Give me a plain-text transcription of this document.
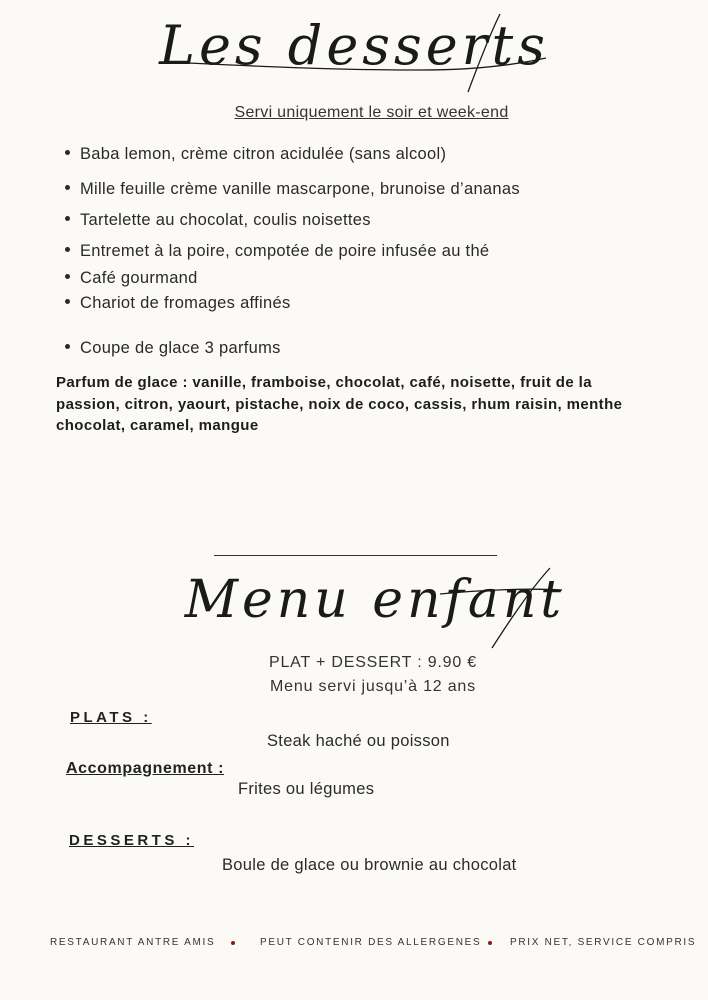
Les desserts
Servi uniquement le soir et week-end
Baba lemon, crème citron acidulée (sans alcool)
Mille feuille crème vanille mascarpone, brunoise d’ananas
Tartelette au chocolat, coulis noisettes
Entremet à la poire, compotée de poire infusée au thé
Café gourmand
Chariot de fromages affinés
Coupe de glace 3 parfums
Parfum de glace : vanille, framboise, chocolat, café, noisette, fruit de la passion, citron, yaourt, pistache, noix de coco, cassis, rhum raisin, menthe chocolat, caramel, mangue
Menu enfant
PLAT + DESSERT : 9.90 €
Menu servi jusqu’à 12 ans
PLATS :
Steak haché ou poisson
Accompagnement :
Frites ou légumes
DESSERTS :
Boule de glace ou brownie au chocolat
RESTAURANT ANTRE AMIS	PEUT CONTENIR DES ALLERGENES	PRIX NET, SERVICE COMPRIS
